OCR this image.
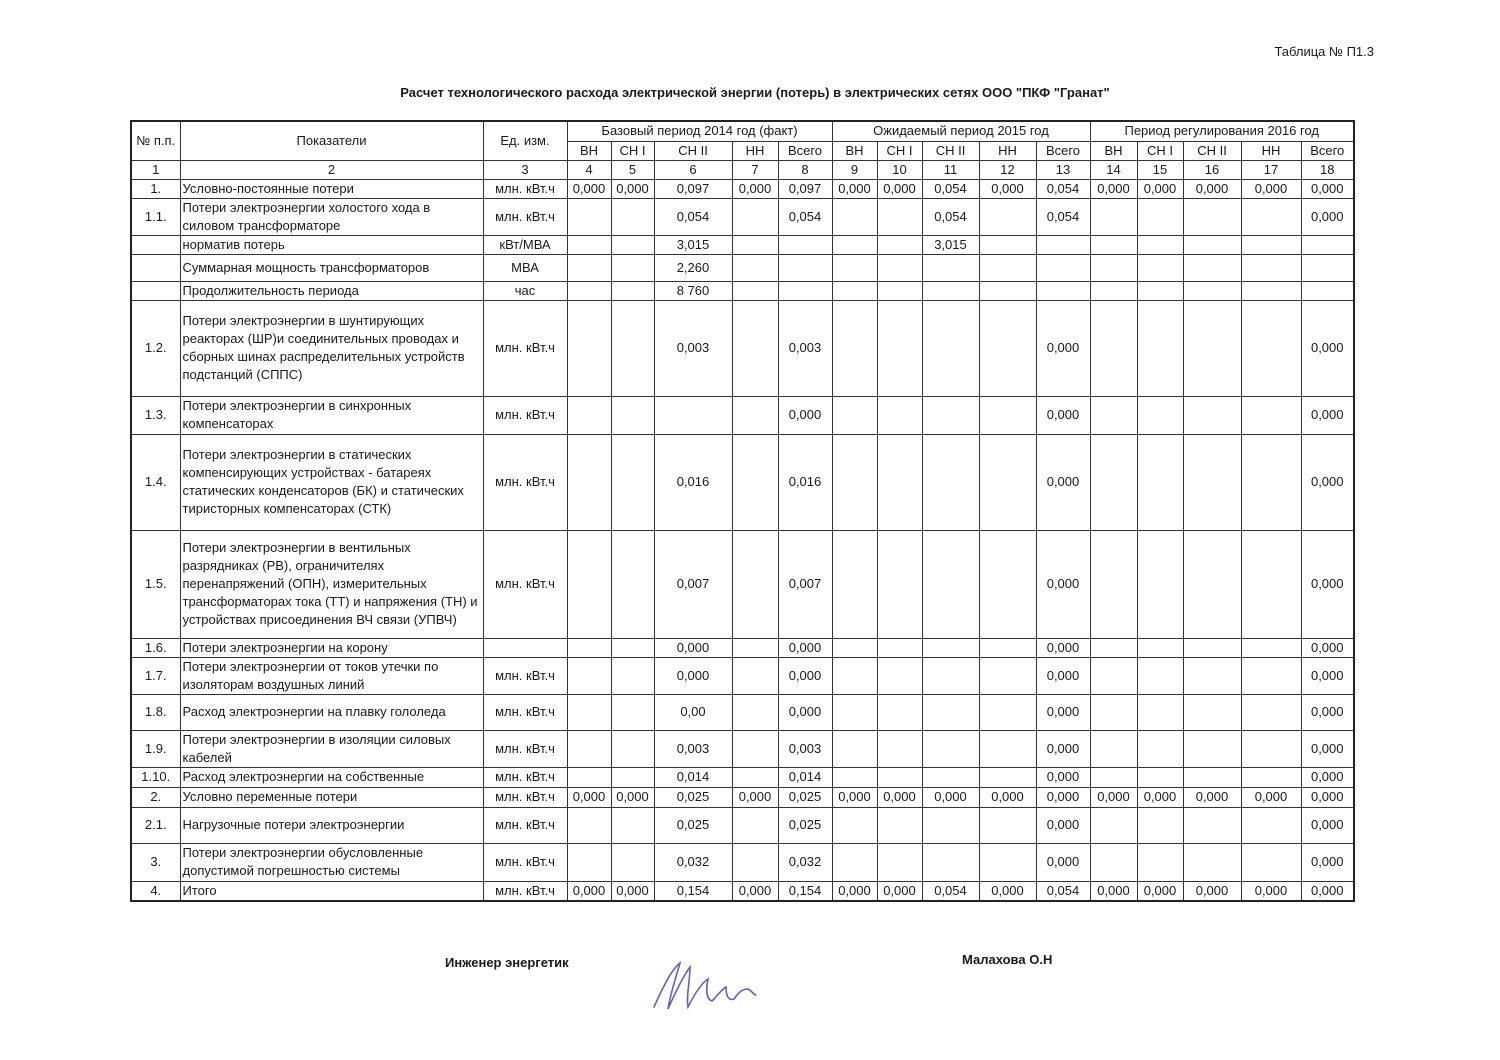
Таблица № П1.3
Расчет технологического расхода электрической энергии (потерь) в электрических сетях ООО "ПКФ "Гранат"
№ п.п.	Показатели	Ед. изм.	Базовый период 2014 год (факт)					Ожидаемый период 2015 год					Период регулирования 2016 год				
			ВН	СН I	СН II	НН	Всего	ВН	СН I	СН II	НН	Всего	ВН	СН I	СН II	НН	Всего
1	2	3	4	5	6	7	8	9	10	11	12	13	14	15	16	17	18
1.	Условно-постоянные потери	млн. кВт.ч	0,000	0,000	0,097	0,000	0,097	0,000	0,000	0,054	0,000	0,054	0,000	0,000	0,000	0,000	0,000
1.1.	Потери электроэнергии холостого хода в силовом трансформаторе	млн. кВт.ч			0,054		0,054			0,054		0,054					0,000
	норматив потерь	кВт/МВА			3,015					3,015							
	Суммарная мощность трансформаторов	МВА			2,260												
	Продолжительность периода	час			8 760												
1.2.	Потери электроэнергии в шунтирующих реакторах (ШР)и соединительных проводах и сборных шинах распределительных устройств подстанций (СППС)	млн. кВт.ч			0,003		0,003					0,000					0,000
1.3.	Потери электроэнергии в синхронных компенсаторах	млн. кВт.ч					0,000					0,000					0,000
1.4.	Потери электроэнергии в статических компенсирующих устройствах - батареях статических конденсаторов (БК) и статических тиристорных компенсаторах (СТК)	млн. кВт.ч			0,016		0,016					0,000					0,000
1.5.	Потери электроэнергии в вентильных разрядниках (РВ), ограничителях перенапряжений (ОПН), измерительных трансформаторах тока (ТТ) и напряжения (ТН) и устройствах присоединения ВЧ связи (УПВЧ)	млн. кВт.ч			0,007		0,007					0,000					0,000
1.6.	Потери электроэнергии на корону				0,000		0,000					0,000					0,000
1.7.	Потери электроэнергии от токов утечки по изоляторам воздушных линий	млн. кВт.ч			0,000		0,000					0,000					0,000
1.8.	Расход электроэнергии на плавку гололеда	млн. кВт.ч			0,00		0,000					0,000					0,000
1.9.	Потери электроэнергии в изоляции силовых кабелей	млн. кВт.ч			0,003		0,003					0,000					0,000
1.10.	Расход электроэнергии на собственные	млн. кВт.ч			0,014		0,014					0,000					0,000
2.	Условно переменные потери	млн. кВт.ч	0,000	0,000	0,025	0,000	0,025	0,000	0,000	0,000	0,000	0,000	0,000	0,000	0,000	0,000	0,000
2.1.	Нагрузочные потери электроэнергии	млн. кВт.ч			0,025		0,025					0,000					0,000
3.	Потери электроэнергии обусловленные допустимой погрешностью системы	млн. кВт.ч			0,032		0,032					0,000					0,000
4.	Итого	млн. кВт.ч	0,000	0,000	0,154	0,000	0,154	0,000	0,000	0,054	0,000	0,054	0,000	0,000	0,000	0,000	0,000
Инженер энергетик	Малахова О.Н
